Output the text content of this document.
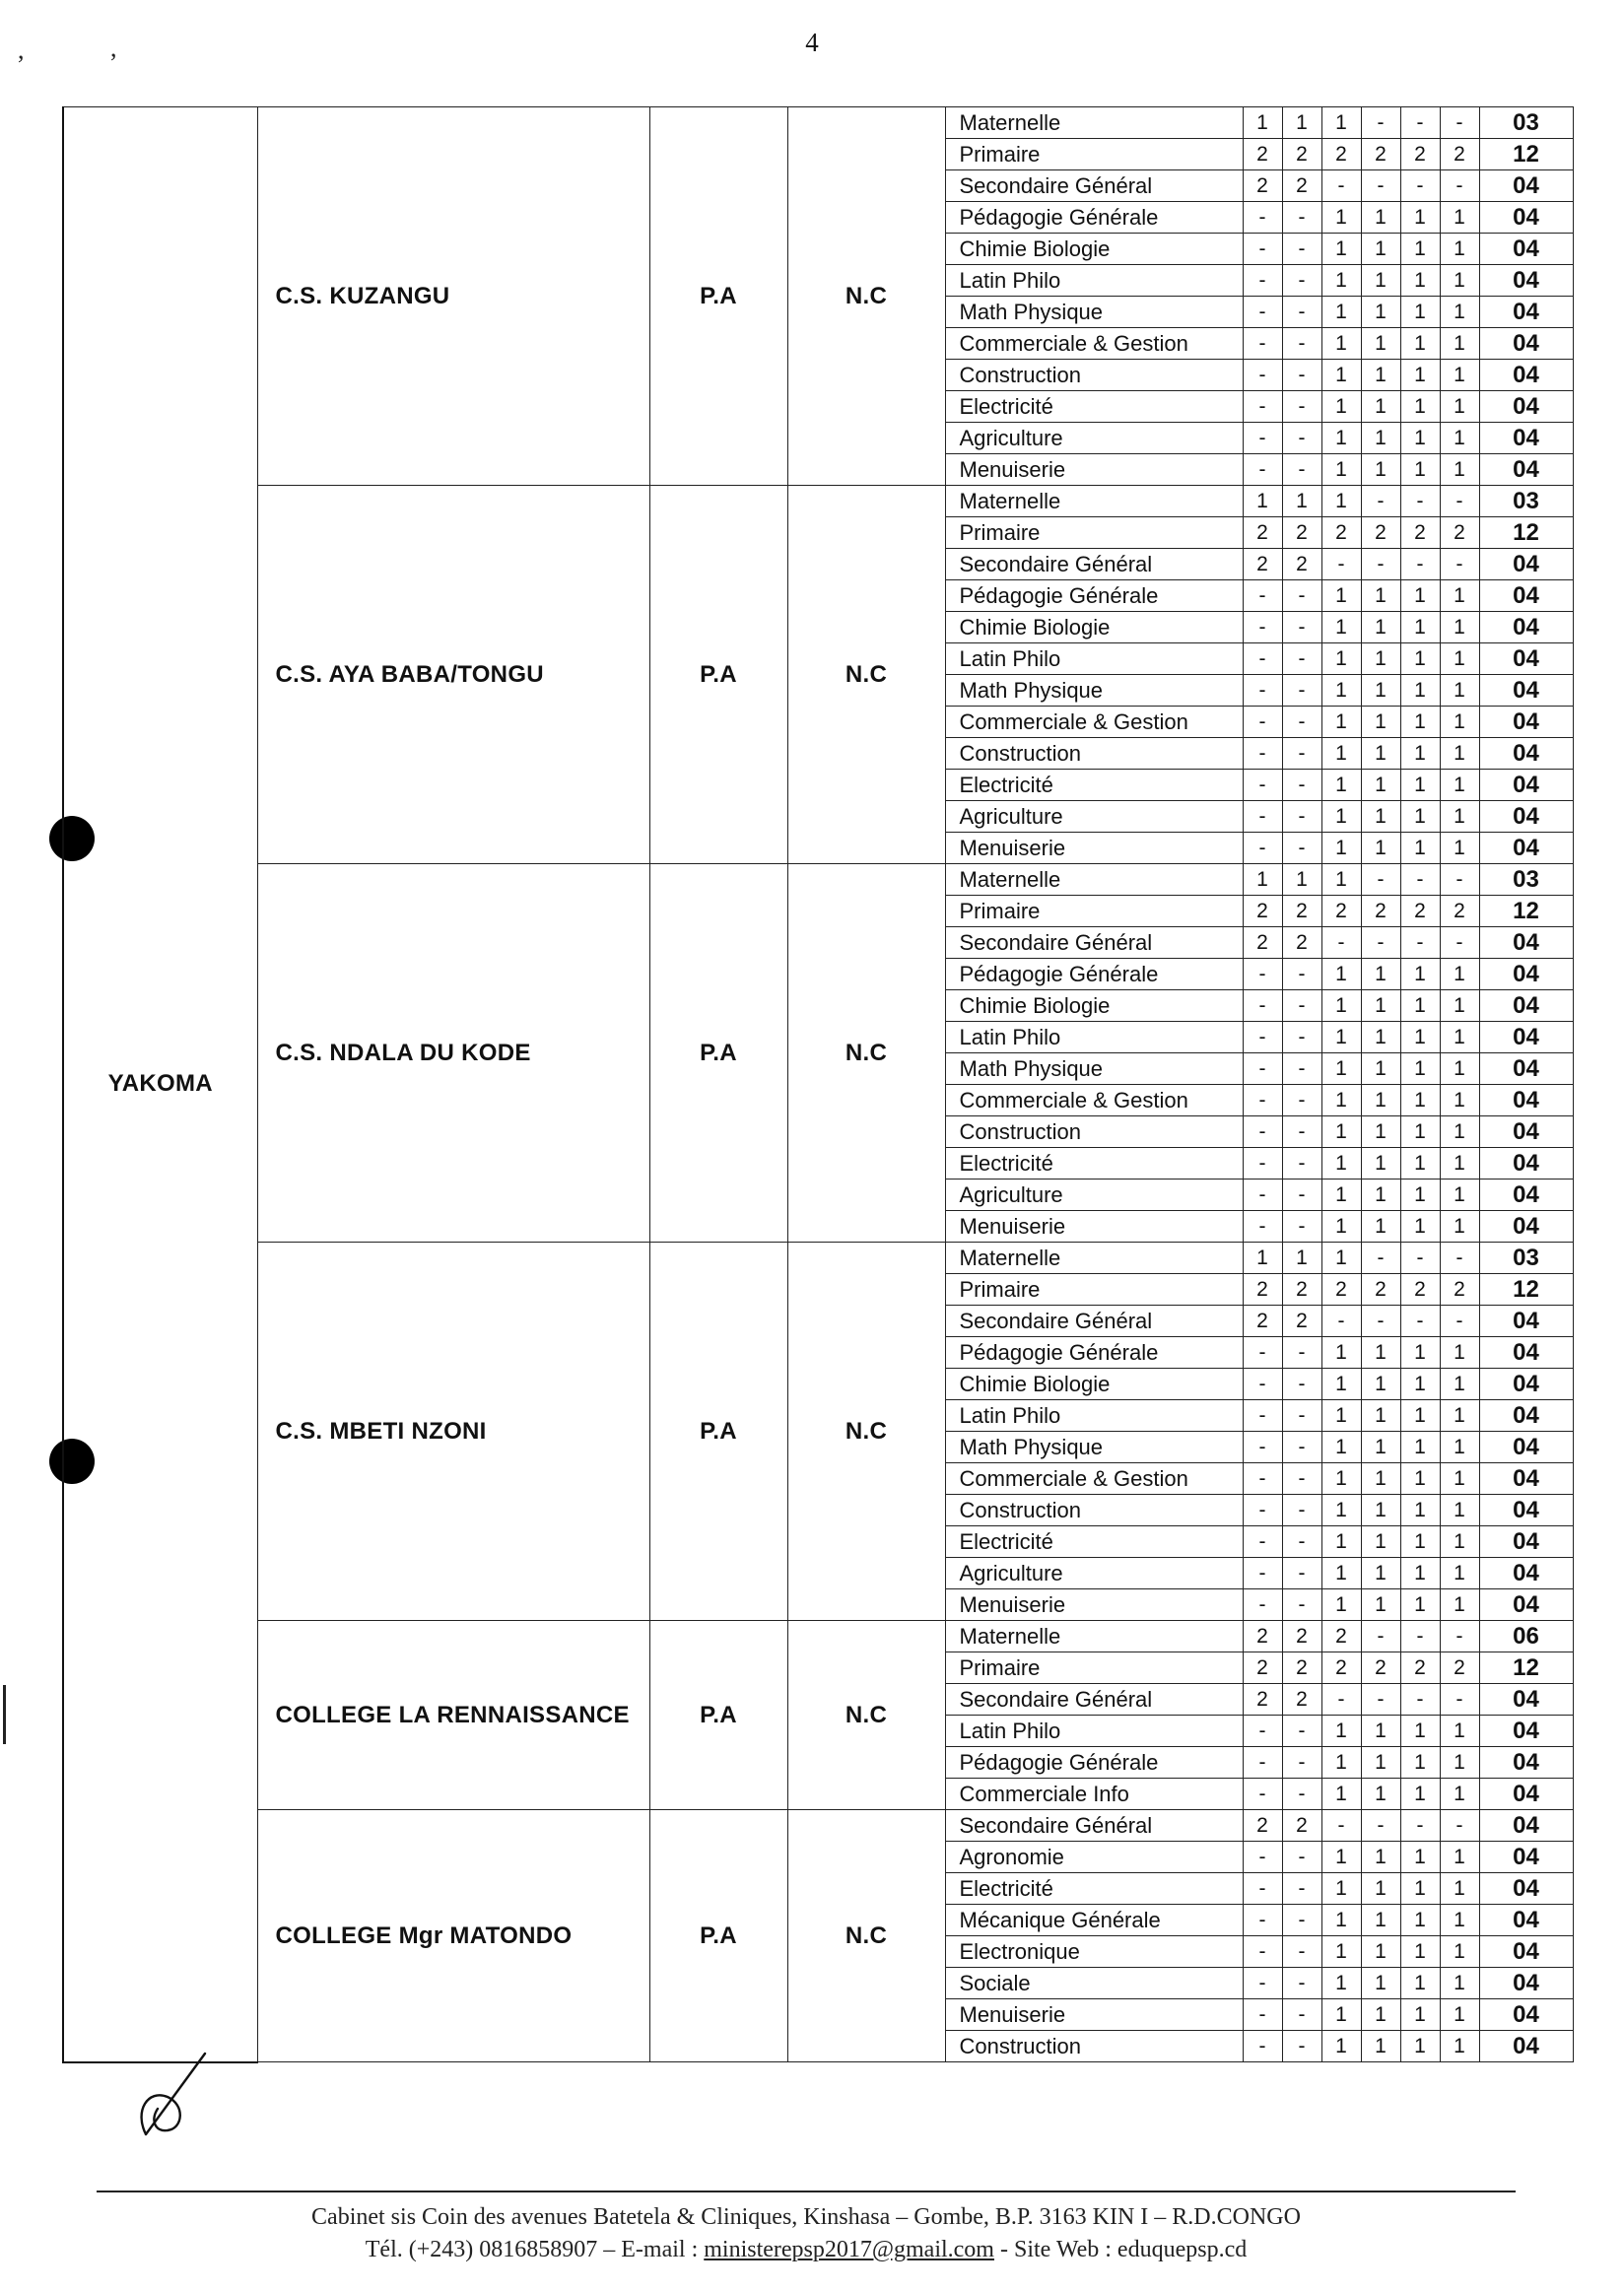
4
,	,
YAKOMA	C.S. KUZANGU	P.A	N.C	Maternelle	1	1	1	-	-	-	03
				Primaire	2	2	2	2	2	2	12
				Secondaire Général	2	2	-	-	-	-	04
				Pédagogie Générale	-	-	1	1	1	1	04
				Chimie Biologie	-	-	1	1	1	1	04
				Latin Philo	-	-	1	1	1	1	04
				Math Physique	-	-	1	1	1	1	04
				Commerciale & Gestion	-	-	1	1	1	1	04
				Construction	-	-	1	1	1	1	04
				Electricité	-	-	1	1	1	1	04
				Agriculture	-	-	1	1	1	1	04
				Menuiserie	-	-	1	1	1	1	04
	C.S. AYA BABA/TONGU	P.A	N.C	Maternelle	1	1	1	-	-	-	03
				Primaire	2	2	2	2	2	2	12
				Secondaire Général	2	2	-	-	-	-	04
				Pédagogie Générale	-	-	1	1	1	1	04
				Chimie Biologie	-	-	1	1	1	1	04
				Latin Philo	-	-	1	1	1	1	04
				Math Physique	-	-	1	1	1	1	04
				Commerciale & Gestion	-	-	1	1	1	1	04
				Construction	-	-	1	1	1	1	04
				Electricité	-	-	1	1	1	1	04
				Agriculture	-	-	1	1	1	1	04
				Menuiserie	-	-	1	1	1	1	04
	C.S. NDALA DU KODE	P.A	N.C	Maternelle	1	1	1	-	-	-	03
				Primaire	2	2	2	2	2	2	12
				Secondaire Général	2	2	-	-	-	-	04
				Pédagogie Générale	-	-	1	1	1	1	04
				Chimie Biologie	-	-	1	1	1	1	04
				Latin Philo	-	-	1	1	1	1	04
				Math Physique	-	-	1	1	1	1	04
				Commerciale & Gestion	-	-	1	1	1	1	04
				Construction	-	-	1	1	1	1	04
				Electricité	-	-	1	1	1	1	04
				Agriculture	-	-	1	1	1	1	04
				Menuiserie	-	-	1	1	1	1	04
	C.S. MBETI NZONI	P.A	N.C	Maternelle	1	1	1	-	-	-	03
				Primaire	2	2	2	2	2	2	12
				Secondaire Général	2	2	-	-	-	-	04
				Pédagogie Générale	-	-	1	1	1	1	04
				Chimie Biologie	-	-	1	1	1	1	04
				Latin Philo	-	-	1	1	1	1	04
				Math Physique	-	-	1	1	1	1	04
				Commerciale & Gestion	-	-	1	1	1	1	04
				Construction	-	-	1	1	1	1	04
				Electricité	-	-	1	1	1	1	04
				Agriculture	-	-	1	1	1	1	04
				Menuiserie	-	-	1	1	1	1	04
	COLLEGE LA RENNAISSANCE	P.A	N.C	Maternelle	2	2	2	-	-	-	06
				Primaire	2	2	2	2	2	2	12
				Secondaire Général	2	2	-	-	-	-	04
				Latin Philo	-	-	1	1	1	1	04
				Pédagogie Générale	-	-	1	1	1	1	04
				Commerciale Info	-	-	1	1	1	1	04
	COLLEGE Mgr MATONDO	P.A	N.C	Secondaire Général	2	2	-	-	-	-	04
				Agronomie	-	-	1	1	1	1	04
				Electricité	-	-	1	1	1	1	04
				Mécanique Générale	-	-	1	1	1	1	04
				Electronique	-	-	1	1	1	1	04
				Sociale	-	-	1	1	1	1	04
				Menuiserie	-	-	1	1	1	1	04
				Construction	-	-	1	1	1	1	04
Cabinet sis Coin des avenues Batetela & Cliniques, Kinshasa – Gombe, B.P. 3163 KIN I – R.D.CONGO
Tél. (+243) 0816858907 – E-mail : ministerepsp2017@gmail.com - Site Web : eduquepsp.cd
